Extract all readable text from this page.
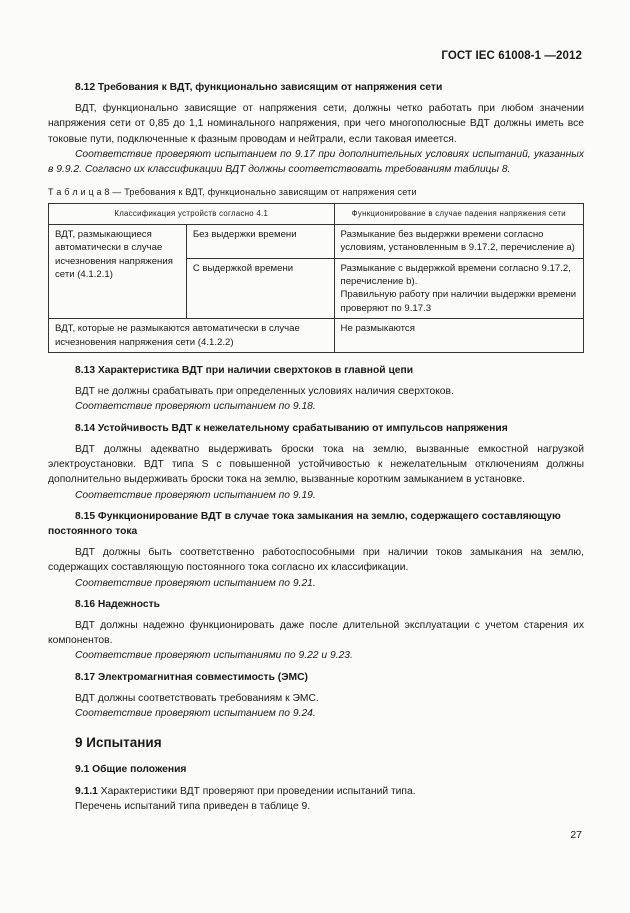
ГОСТ IEC 61008-1 —2012

8.12 Требования к ВДТ, функционально зависящим от напряжения сети

ВДТ, функционально зависящие от напряжения сети, должны четко работать при любом значении напряжения сети от 0,85 до 1,1 номинального напряжения, при чего многополюсные ВДТ должны иметь все токовые пути, подключенные к фазным проводам и нейтрали, если таковая имеется.

Соответствие проверяют испытанием по 9.17 при дополнительных условиях испытаний, указанных в 9.9.2. Согласно их классификации ВДТ должны соответствовать требованиям таблицы 8.

Т а б л и ц а 8 — Требования к ВДТ, функционально зависящим от напряжения сети
Классификация устройств согласно 4.1		Функционирование в случае падения напряжения сети
ВДТ, размыкающиеся автоматически в случае исчезновения напряжения сети (4.1.2.1)	Без выдержки времени	Размыкание без выдержки времени согласно условиям, установленным в 9.17.2, перечисление а)
	С выдержкой времени	Размыкание с выдержкой времени согласно 9.17.2, перечисление b).
Правильную работу при наличии выдержки времени проверяют по 9.17.3

ВДТ, которые не размыкаются автоматически в случае исчезновения напряжения сети (4.1.2.2)		Не размыкаются

8.13 Характеристика ВДТ при наличии сверхтоков в главной цепи

ВДТ не должны срабатывать при определенных условиях наличия сверхтоков.

Соответствие проверяют испытанием по 9.18.

8.14 Устойчивость ВДТ к нежелательному срабатыванию от импульсов напряжения

ВДТ должны адекватно выдерживать броски тока на землю, вызванные емкостной нагрузкой электроустановки. ВДТ типа S с повышенной устойчивостью к нежелательным отключениям должны дополнительно выдерживать броски тока на землю, вызванные коротким замыканием в установке.

Соответствие проверяют испытанием по 9.19.

8.15 Функционирование ВДТ в случае тока замыкания на землю, содержащего составляющую постоянного тока

ВДТ должны быть соответственно работоспособными при наличии токов замыкания на землю, содержащих составляющую постоянного тока согласно их классификации.

Соответствие проверяют испытанием по 9.21.

8.16 Надежность

ВДТ должны надежно функционировать даже после длительной эксплуатации с учетом старения их компонентов.

Соответствие проверяют испытаниями по 9.22 и 9.23.

8.17 Электромагнитная совместимость (ЭМС)

ВДТ должны соответствовать требованиям к ЭМС.

Соответствие проверяют испытанием по 9.24.

9 Испытания

9.1 Общие положения

9.1.1 Характеристики ВДТ проверяют при проведении испытаний типа.

Перечень испытаний типа приведен в таблице 9.

27
